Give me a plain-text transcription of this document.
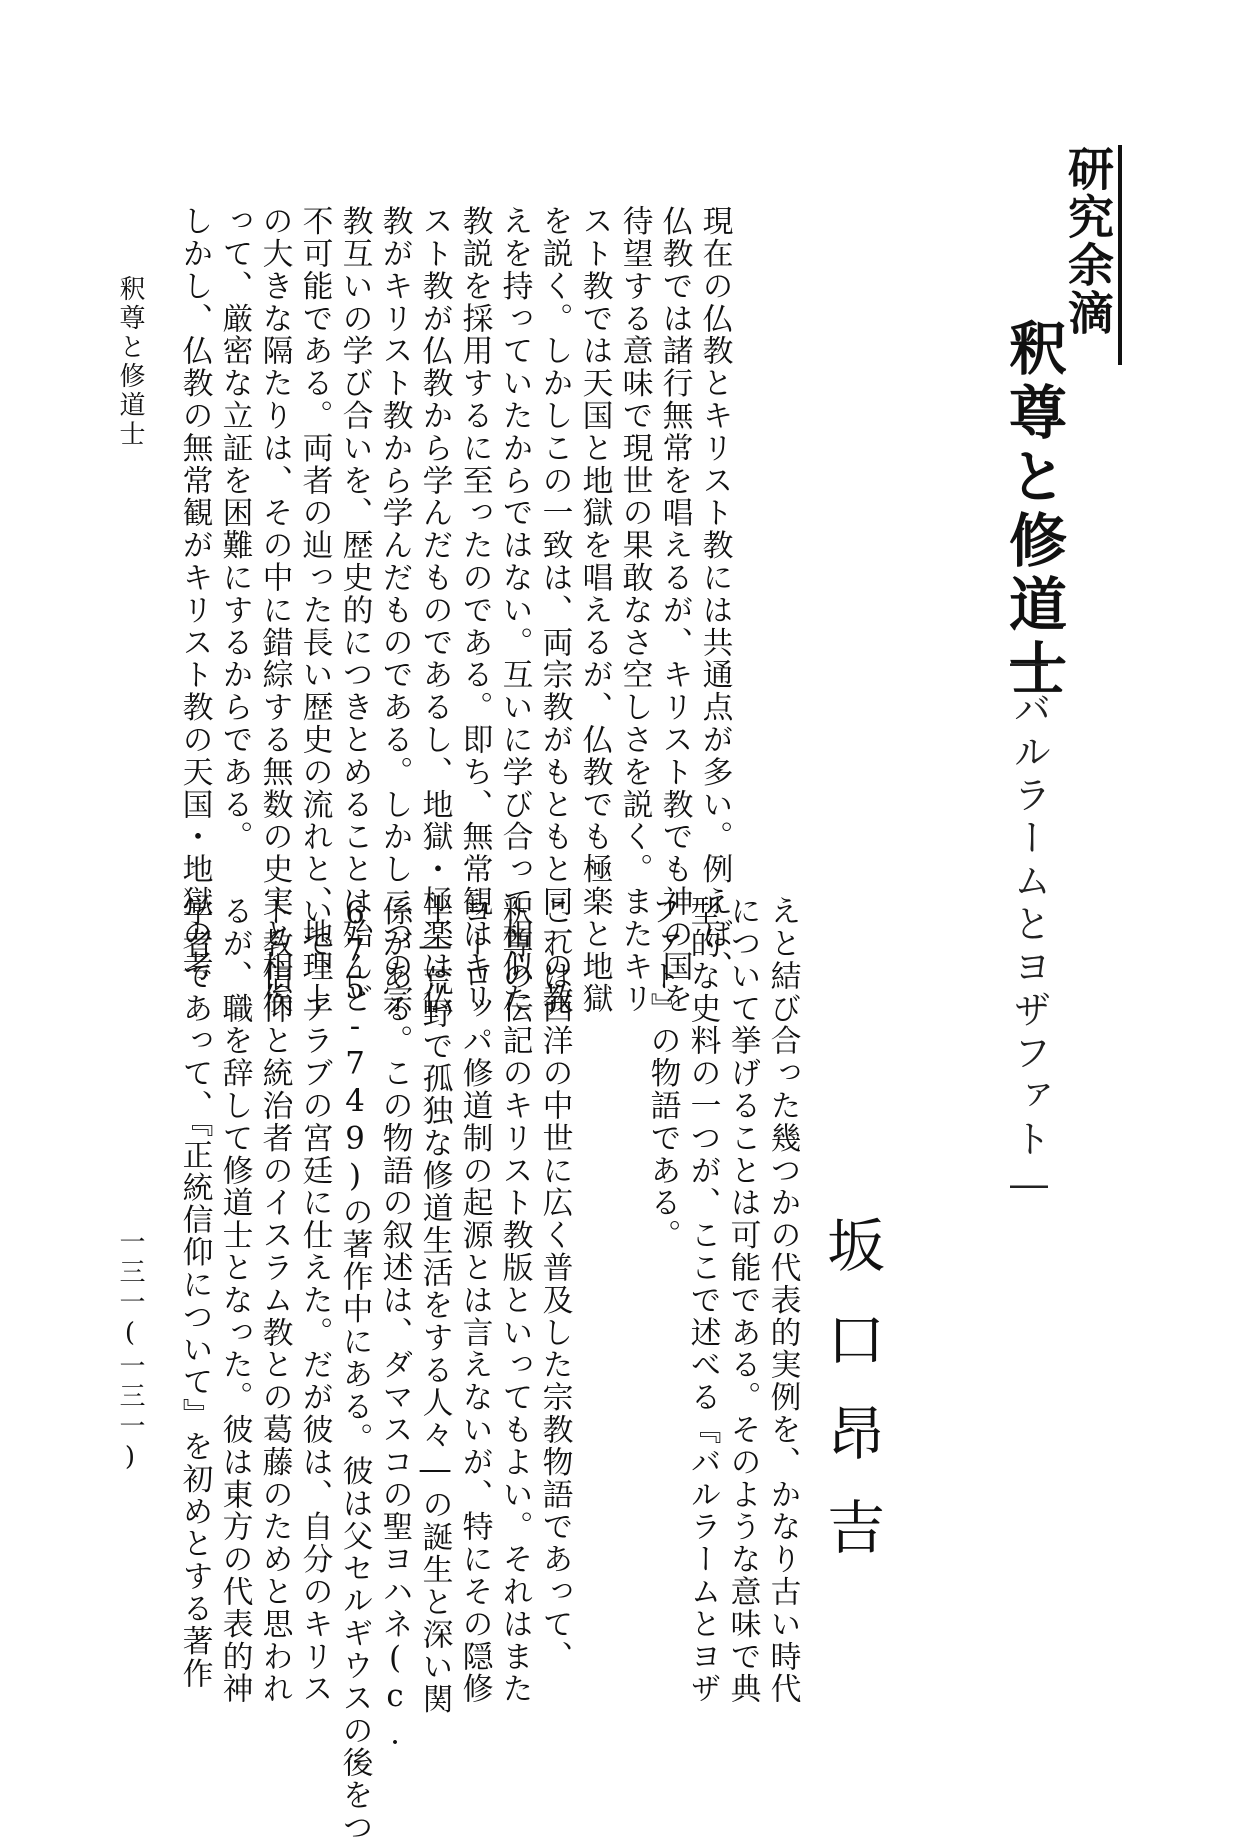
研究余滴
釈尊と修道士
―バルラームとヨザファト―
坂口昂吉
現在の仏教とキリスト教には共通点が多い。例えば、
仏教では諸行無常を唱えるが、キリスト教でも神の国を
待望する意味で現世の果敢なさ空しさを説く。またキリ
スト教では天国と地獄を唱えるが、仏教でも極楽と地獄
を説く。しかしこの一致は、両宗教がもともと同一の教
えを持っていたからではない。互いに学び合って相似た
教説を採用するに至ったのである。即ち、無常観はキリ
スト教が仏教から学んだものであるし、地獄・極楽は仏
教がキリスト教から学んだものである。しかし二つの宗
教互いの学び合いを、歴史的につきとめることは殆んど
不可能である。両者の辿った長い歴史の流れと、地理上
の大きな隔たりは、その中に錯綜する無数の史実と相俟
って、厳密な立証を困難にするからである。
しかし、仏教の無常観がキリスト教の天国・地獄の考
えと結び合った幾つかの代表的実例を、かなり古い時代
について挙げることは可能である。そのような意味で典
型的な史料の一つが、ここで述べる『バルラームとヨザ
ファト』の物語である。
これは西洋の中世に広く普及した宗教物語であって、
釈尊の伝記のキリスト教版といってもよい。それはまた
ヨーロッパ修道制の起源とは言えないが、特にその隠修
士―荒野で孤独な修道生活をする人々―の誕生と深い関
係がある。この物語の叙述は、ダマスコの聖ヨハネ(c.
675-749)の著作中にある。彼は父セルギウスの後をつ
いで、アラブの宮廷に仕えた。だが彼は、自分のキリス
ト教信仰と統治者のイスラム教との葛藤のためと思われ
るが、職を辞して修道士となった。彼は東方の代表的神
学者であって、『正統信仰について』を初めとする著作
釈尊と修道士
一三一(一三一)
